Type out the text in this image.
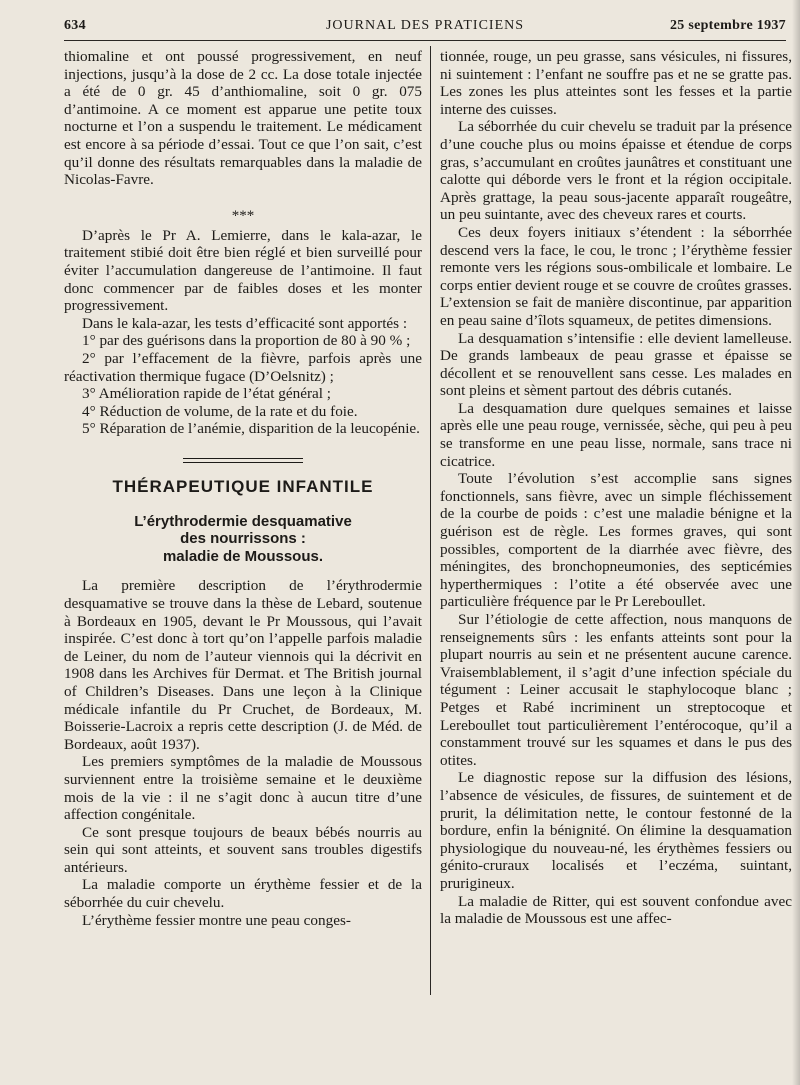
634	JOURNAL DES PRATICIENS	25 septembre 1937

thiomaline et ont poussé progressivement, en neuf injections, jusqu’à la dose de 2 cc. La dose totale injectée a été de 0 gr. 45 d’anthiomaline, soit 0 gr. 075 d’antimoine. A ce moment est apparue une petite toux nocturne et l’on a suspendu le traitement. Le médicament est encore à sa période d’essai. Tout ce que l’on sait, c’est qu’il donne des résultats remarquables dans la maladie de Nicolas-Favre.

***

D’après le Pr A. Lemierre, dans le kala-azar, le traitement stibié doit être bien réglé et bien surveillé pour éviter l’accumulation dangereuse de l’antimoine. Il faut donc commencer par de faibles doses et les monter progressivement.

Dans le kala-azar, les tests d’efficacité sont apportés :

1° par des guérisons dans la proportion de 80 à 90 % ;

2° par l’effacement de la fièvre, parfois après une réactivation thermique fugace (D’Oelsnitz) ;

3° Amélioration rapide de l’état général ;

4° Réduction de volume, de la rate et du foie.

5° Réparation de l’anémie, disparition de la leucopénie.

THÉRAPEUTIQUE INFANTILE
L’érythrodermie desquamative
des nourrissons :
maladie de Moussous.

La première description de l’érythrodermie desquamative se trouve dans la thèse de Lebard, soutenue à Bordeaux en 1905, devant le Pr Moussous, qui l’avait inspirée. C’est donc à tort qu’on l’appelle parfois maladie de Leiner, du nom de l’auteur viennois qui la décrivit en 1908 dans les Archives für Dermat. et The British journal of Children’s Diseases. Dans une leçon à la Clinique médicale infantile du Pr Cruchet, de Bordeaux, M. Boisserie-Lacroix a repris cette description (J. de Méd. de Bordeaux, août 1937).

Les premiers symptômes de la maladie de Moussous surviennent entre la troisième semaine et le deuxième mois de la vie : il ne s’agit donc à aucun titre d’une affection congénitale.

Ce sont presque toujours de beaux bébés nourris au sein qui sont atteints, et souvent sans troubles digestifs antérieurs.

La maladie comporte un érythème fessier et de la séborrhée du cuir chevelu.

L’érythème fessier montre une peau conges-

tionnée, rouge, un peu grasse, sans vésicules, ni fissures, ni suintement : l’enfant ne souffre pas et ne se gratte pas. Les zones les plus atteintes sont les fesses et la partie interne des cuisses.

La séborrhée du cuir chevelu se traduit par la présence d’une couche plus ou moins épaisse et étendue de corps gras, s’accumulant en croûtes jaunâtres et constituant une calotte qui déborde vers le front et la région occipitale. Après grattage, la peau sous-jacente apparaît rougeâtre, un peu suintante, avec des cheveux rares et courts.

Ces deux foyers initiaux s’étendent : la séborrhée descend vers la face, le cou, le tronc ; l’érythème fessier remonte vers les régions sous-ombilicale et lombaire. Le corps entier devient rouge et se couvre de croûtes grasses. L’extension se fait de manière discontinue, par apparition en peau saine d’îlots squameux, de petites dimensions.

La desquamation s’intensifie : elle devient lamelleuse. De grands lambeaux de peau grasse et épaisse se décollent et se renouvellent sans cesse. Les malades en sont pleins et sèment partout des débris cutanés.

La desquamation dure quelques semaines et laisse après elle une peau rouge, vernissée, sèche, qui peu à peu se transforme en une peau lisse, normale, sans trace ni cicatrice.

Toute l’évolution s’est accomplie sans signes fonctionnels, sans fièvre, avec un simple fléchissement de la courbe de poids : c’est une maladie bénigne et la guérison est de règle. Les formes graves, qui sont possibles, comportent de la diarrhée avec fièvre, des méningites, des bronchopneumonies, des septicémies hyperthermiques : l’otite a été observée avec une particulière fréquence par le Pr Lereboullet.

Sur l’étiologie de cette affection, nous manquons de renseignements sûrs : les enfants atteints sont pour la plupart nourris au sein et ne présentent aucune carence. Vraisemblablement, il s’agit d’une infection spéciale du tégument : Leiner accusait le staphylocoque blanc ; Petges et Rabé incriminent un streptocoque et Lereboullet tout particulièrement l’entérocoque, qu’il a constamment trouvé sur les squames et dans le pus des otites.

Le diagnostic repose sur la diffusion des lésions, l’absence de vésicules, de fissures, de suintement et de prurit, la délimitation nette, le contour festonné de la bordure, enfin la bénignité. On élimine la desquamation physiologique du nouveau-né, les érythèmes fessiers ou génito-cruraux localisés et l’eczéma, suintant, prurigineux.

La maladie de Ritter, qui est souvent confondue avec la maladie de Moussous est une affec-
